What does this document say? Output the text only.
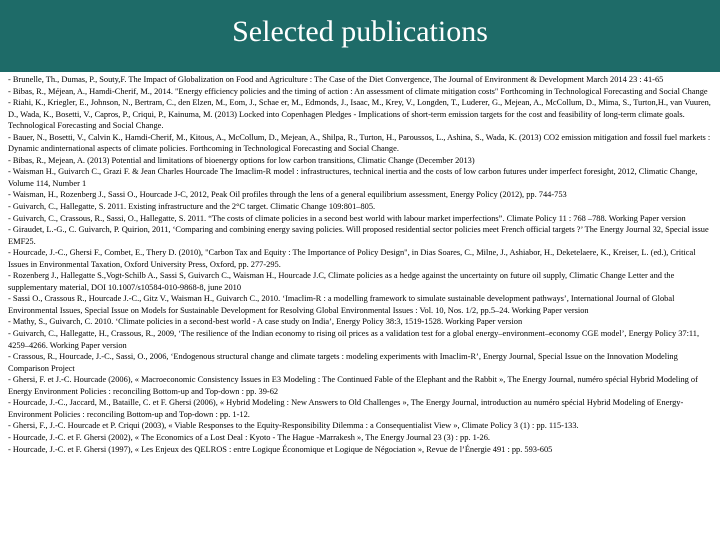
Selected publications

- Brunelle, Th., Dumas, P., Souty,F. The Impact of Globalization on Food and Agriculture : The Case of the Diet Convergence, The Journal of Environment & Development March 2014 23 : 41-65

- Bibas, R., Méjean, A., Hamdi-Cherif, M., 2014. "Energy efficiency policies and the timing of action : An assessment of climate mitigation costs" Forthcoming in Technological Forecasting and Social Change

- Riahi, K., Kriegler, E., Johnson, N., Bertram, C., den Elzen, M., Eom, J., Schae er, M., Edmonds, J., Isaac, M., Krey, V., Longden, T., Luderer, G., Mejean, A., McCollum, D., Mima, S., Turton,H., van Vuuren, D., Wada, K., Bosetti, V., Capros, P., Criqui, P., Kainuma, M. (2013) Locked into Copenhagen Pledges - Implications of short-term emission targets for the cost and feasibility of long-term climate goals. Technological Forecasting and Social Change.

- Bauer, N., Bosetti, V., Calvin K., Hamdi-Cherif, M., Kitous, A., McCollum, D., Mejean, A., Shilpa, R., Turton, H., Paroussos, L., Ashina, S., Wada, K. (2013) CO2 emission mitigation and fossil fuel markets : Dynamic andinternational aspects of climate policies. Forthcoming in Technological Forecasting and Social Change.

- Bibas, R., Mejean, A. (2013) Potential and limitations of bioenergy options for low carbon transitions, Climatic Change (December 2013)

- Waisman H., Guivarch C., Grazi F. & Jean Charles Hourcade The Imaclim-R model : infrastructures, technical inertia and the costs of low carbon futures under imperfect foresight, 2012, Climatic Change, Volume 114, Number 1

- Waisman, H., Rozenberg J., Sassi O., Hourcade J-C, 2012, Peak Oil profiles through the lens of a general equilibrium assessment, Energy Policy (2012), pp. 744-753

- Guivarch, C., Hallegatte, S. 2011. Existing infrastructure and the 2°C target. Climatic Change 109:801–805.

- Guivarch, C., Crassous, R., Sassi, O., Hallegatte, S. 2011. “The costs of climate policies in a second best world with labour market imperfections”. Climate Policy 11 : 768 –788. Working Paper version

- Giraudet, L.-G., C. Guivarch, P. Quirion, 2011, ‘Comparing and combining energy saving policies. Will proposed residential sector policies meet French official targets ?’ The Energy Journal 32, Special issue EMF25.

- Hourcade, J.-C., Ghersi F., Combet, E., Thery D. (2010), "Carbon Tax and Equity : The Importance of Policy Design", in Dias Soares, C., Milne, J., Ashiabor, H., Deketelaere, K., Kreiser, L. (ed.), Critical Issues in Environmental Taxation, Oxford University Press, Oxford, pp. 277-295.

- Rozenberg J., Hallegatte S.,Vogt-Schilb A., Sassi S, Guivarch C., Waisman H., Hourcade J.C, Climate policies as a hedge against the uncertainty on future oil supply, Climatic Change Letter and the supplementary material, DOI 10.1007/s10584-010-9868-8, june 2010

- Sassi O., Crassous R., Hourcade J.-C., Gitz V., Waisman H., Guivarch C., 2010. ‘Imaclim-R : a modelling framework to simulate sustainable development pathways’, International Journal of Global Environmental Issues, Special Issue on Models for Sustainable Development for Resolving Global Environmental Issues : Vol. 10, Nos. 1/2, pp.5–24. Working Paper version

- Mathy, S., Guivarch, C. 2010. ‘Climate policies in a second-best world - A case study on India’, Energy Policy 38:3, 1519-1528. Working Paper version

- Guivarch, C., Hallegatte, H., Crassous, R., 2009, ‘The resilience of the Indian economy to rising oil prices as a validation test for a global energy–environment–economy CGE model’, Energy Policy 37:11, 4259–4266. Working Paper version

- Crassous, R., Hourcade, J.-C., Sassi, O., 2006, ‘Endogenous structural change and climate targets : modeling experiments with Imaclim-R’, Energy Journal, Special Issue on the Innovation Modeling Comparison Project

- Ghersi, F. et J.-C. Hourcade (2006), « Macroeconomic Consistency Issues in E3 Modeling : The Continued Fable of the Elephant and the Rabbit », The Energy Journal, numéro spécial Hybrid Modeling of Energy Environment Policies : reconciling Bottom-up and Top-down : pp. 39-62

- Hourcade, J.-C., Jaccard, M., Bataille, C. et F. Ghersi (2006), « Hybrid Modeling : New Answers to Old Challenges », The Energy Journal, introduction au numéro spécial Hybrid Modeling of Energy-Environment Policies : reconciling Bottom-up and Top-down : pp. 1-12.

- Ghersi, F., J.-C. Hourcade et P. Criqui (2003), « Viable Responses to the Equity-Responsibility Dilemma : a Consequentialist View », Climate Policy 3 (1) : pp. 115-133.

- Hourcade, J.-C. et F. Ghersi (2002), « The Economics of a Lost Deal : Kyoto - The Hague -Marrakesh », The Energy Journal 23 (3) : pp. 1-26.

- Hourcade, J.-C. et F. Ghersi (1997), « Les Enjeux des QELROS : entre Logique Économique et Logique de Négociation », Revue de l’Énergie 491 : pp. 593-605
